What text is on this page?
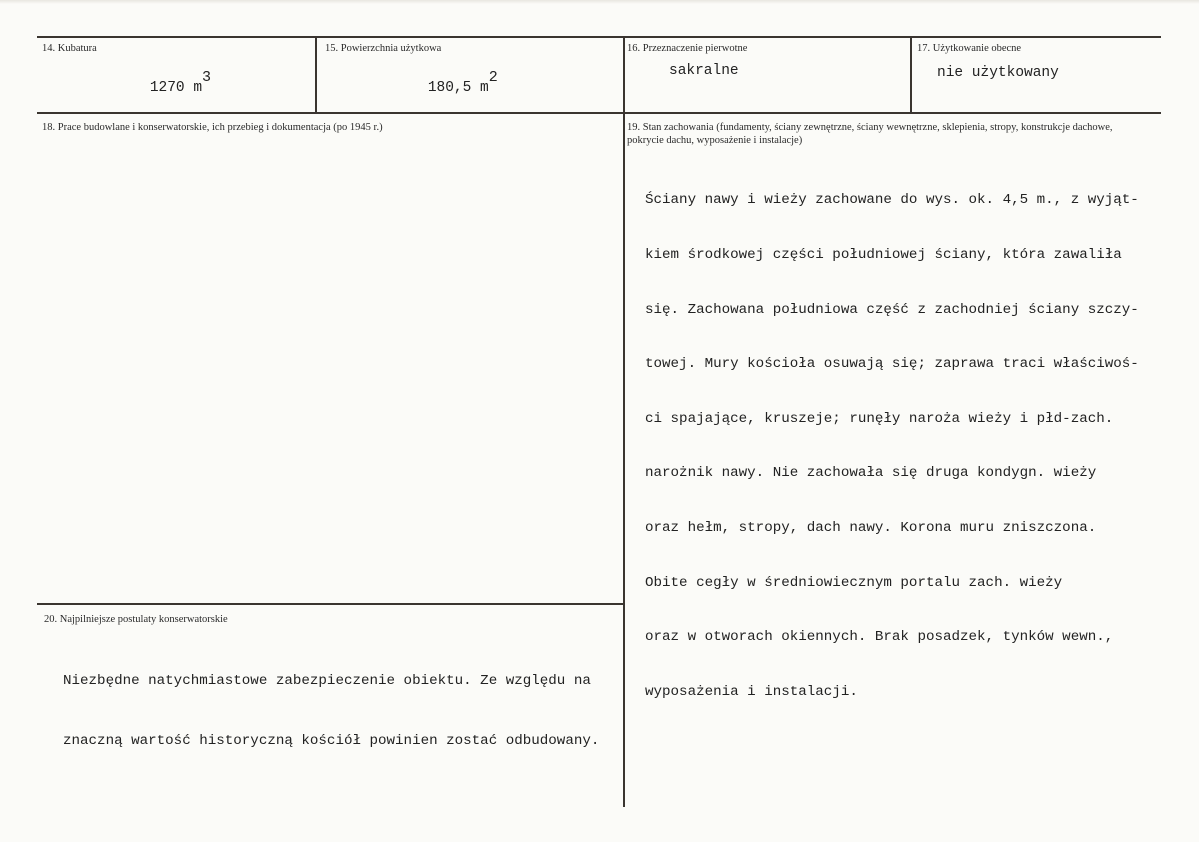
14. Kubatura

1270 m3

15. Powierzchnia użytkowa

180,5 m2

16. Przeznaczenie pierwotne
sakralne
17. Użytkowanie obecne
nie użytkowany
18. Prace budowlane i konserwatorskie, ich przebieg i dokumentacja (po 1945 r.)	19. Stan zachowania (fundamenty, ściany zewnętrzne, ściany wewnętrzne, sklepienia, stropy, konstrukcje dachowe,
pokrycie dachu, wyposażenie i instalacje)

Ściany nawy i wieży zachowane do wys. ok. 4,5 m., z wyjąt-

kiem środkowej części południowej ściany, która zawaliła

się. Zachowana południowa część z zachodniej ściany szczy-

towej. Mury kościoła osuwają się; zaprawa traci właściwoś-

ci spajające, kruszeje; runęły naroża wieży i płd-zach.

narożnik nawy. Nie zachowała się druga kondygn. wieży

oraz hełm, stropy, dach nawy. Korona muru zniszczona.

Obite cegły w średniowiecznym portalu zach. wieży

oraz w otworach okiennych. Brak posadzek, tynków wewn.,

wyposażenia i instalacji.

20. Najpilniejsze postulaty konserwatorskie

Niezbędne natychmiastowe zabezpieczenie obiektu. Ze względu na

znaczną wartość historyczną kościół powinien zostać odbudowany.
